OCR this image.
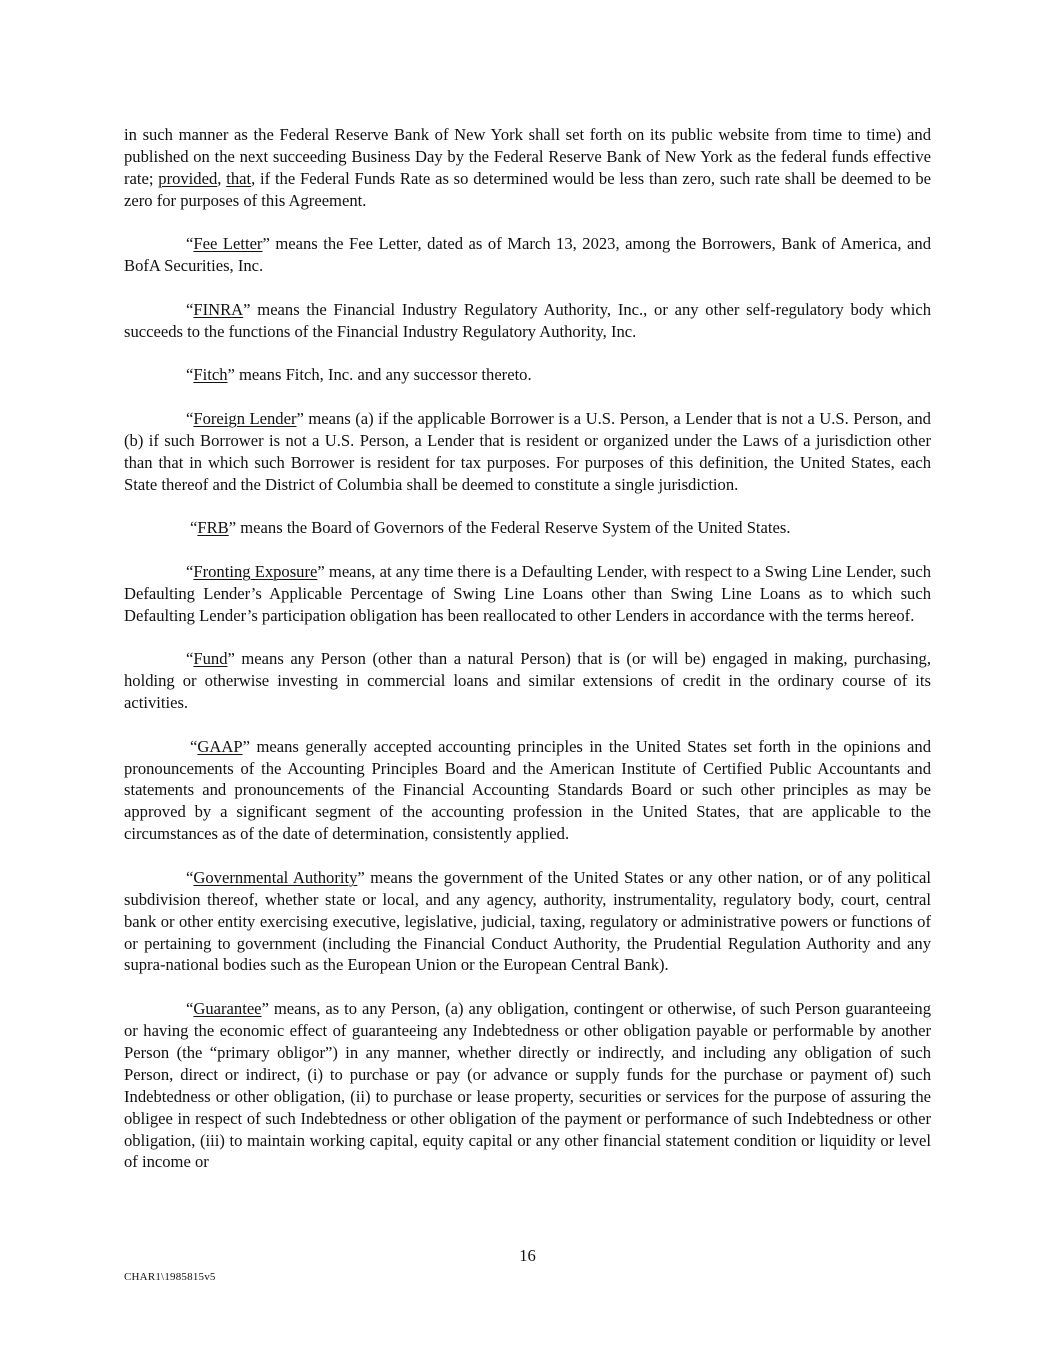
in such manner as the Federal Reserve Bank of New York shall set forth on its public website from time to time) and published on the next succeeding Business Day by the Federal Reserve Bank of New York as the federal funds effective rate; provided, that, if the Federal Funds Rate as so determined would be less than zero, such rate shall be deemed to be zero for purposes of this Agreement.

“Fee Letter” means the Fee Letter, dated as of March 13, 2023, among the Borrowers, Bank of America, and BofA Securities, Inc.

“FINRA” means the Financial Industry Regulatory Authority, Inc., or any other self-regulatory body which succeeds to the functions of the Financial Industry Regulatory Authority, Inc.

“Fitch” means Fitch, Inc. and any successor thereto.

“Foreign Lender” means (a) if the applicable Borrower is a U.S. Person, a Lender that is not a U.S. Person, and (b) if such Borrower is not a U.S. Person, a Lender that is resident or organized under the Laws of a jurisdiction other than that in which such Borrower is resident for tax purposes. For purposes of this definition, the United States, each State thereof and the District of Columbia shall be deemed to constitute a single jurisdiction.

“FRB” means the Board of Governors of the Federal Reserve System of the United States.

“Fronting Exposure” means, at any time there is a Defaulting Lender, with respect to a Swing Line Lender, such Defaulting Lender’s Applicable Percentage of Swing Line Loans other than Swing Line Loans as to which such Defaulting Lender’s participation obligation has been reallocated to other Lenders in accordance with the terms hereof.

“Fund” means any Person (other than a natural Person) that is (or will be) engaged in making, purchasing, holding or otherwise investing in commercial loans and similar extensions of credit in the ordinary course of its activities.

“GAAP” means generally accepted accounting principles in the United States set forth in the opinions and pronouncements of the Accounting Principles Board and the American Institute of Certified Public Accountants and statements and pronouncements of the Financial Accounting Standards Board or such other principles as may be approved by a significant segment of the accounting profession in the United States, that are applicable to the circumstances as of the date of determination, consistently applied.

“Governmental Authority” means the government of the United States or any other nation, or of any political subdivision thereof, whether state or local, and any agency, authority, instrumentality, regulatory body, court, central bank or other entity exercising executive, legislative, judicial, taxing, regulatory or administrative powers or functions of or pertaining to government (including the Financial Conduct Authority, the Prudential Regulation Authority and any supra-national bodies such as the European Union or the European Central Bank).

“Guarantee” means, as to any Person, (a) any obligation, contingent or otherwise, of such Person guaranteeing or having the economic effect of guaranteeing any Indebtedness or other obligation payable or performable by another Person (the “primary obligor”) in any manner, whether directly or indirectly, and including any obligation of such Person, direct or indirect, (i) to purchase or pay (or advance or supply funds for the purchase or payment of) such Indebtedness or other obligation, (ii) to purchase or lease property, securities or services for the purpose of assuring the obligee in respect of such Indebtedness or other obligation of the payment or performance of such Indebtedness or other obligation, (iii) to maintain working capital, equity capital or any other financial statement condition or liquidity or level of income or

16
CHAR1\1985815v5
